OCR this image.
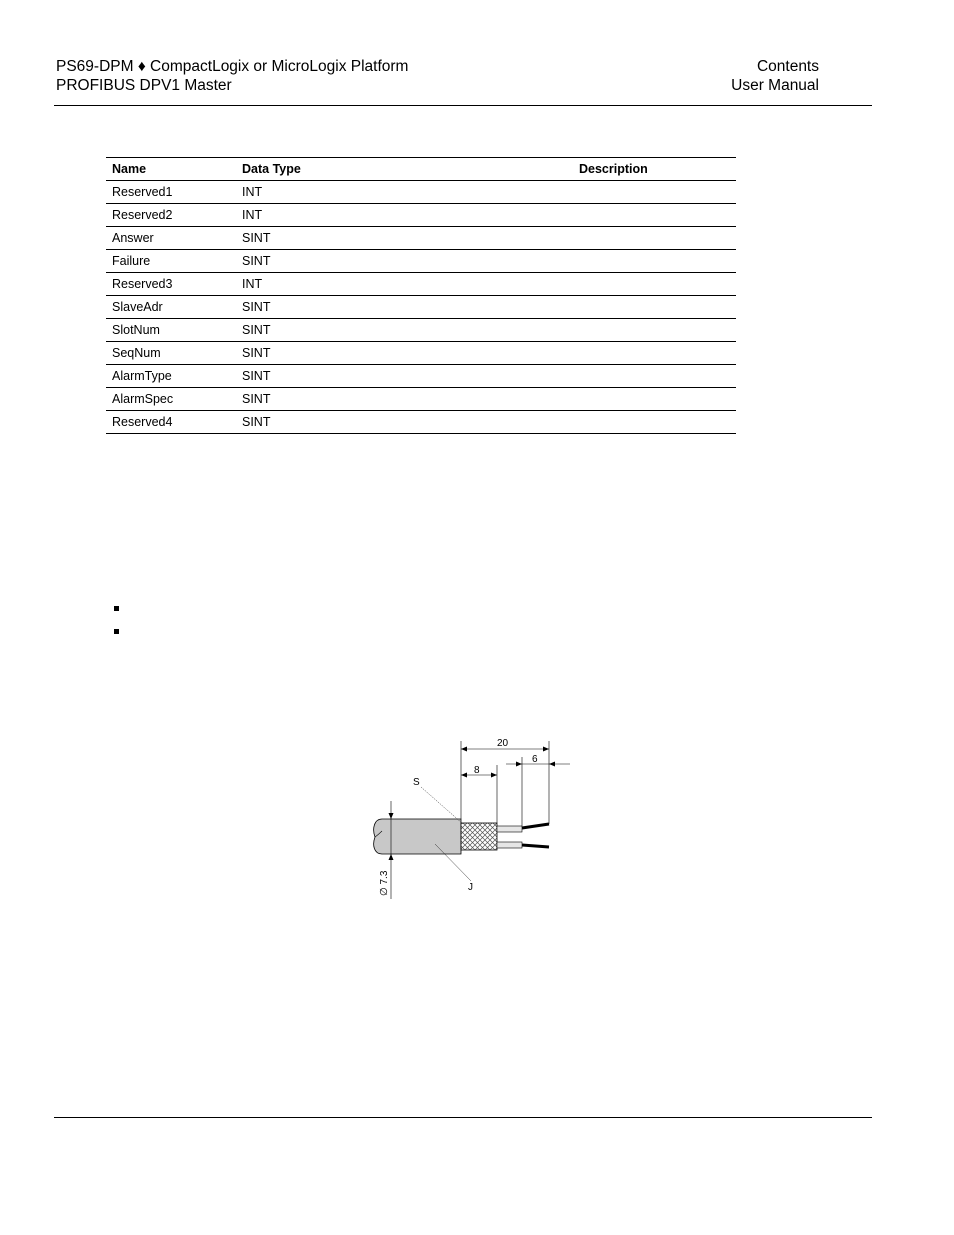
PS69-DPM ♦ CompactLogix or MicroLogix Platform
PROFIBUS DPV1 Master
Contents
User Manual
Name	Data Type	Description
Reserved1	INT	
Reserved2	INT	
Answer	SINT	
Failure	SINT	
Reserved3	INT	
SlaveAdr	SINT	
SlotNum	SINT	
SeqNum	SINT	
AlarmType	SINT	
AlarmSpec	SINT	
Reserved4	SINT	
20
8
6
S
J
∅ 7.3
